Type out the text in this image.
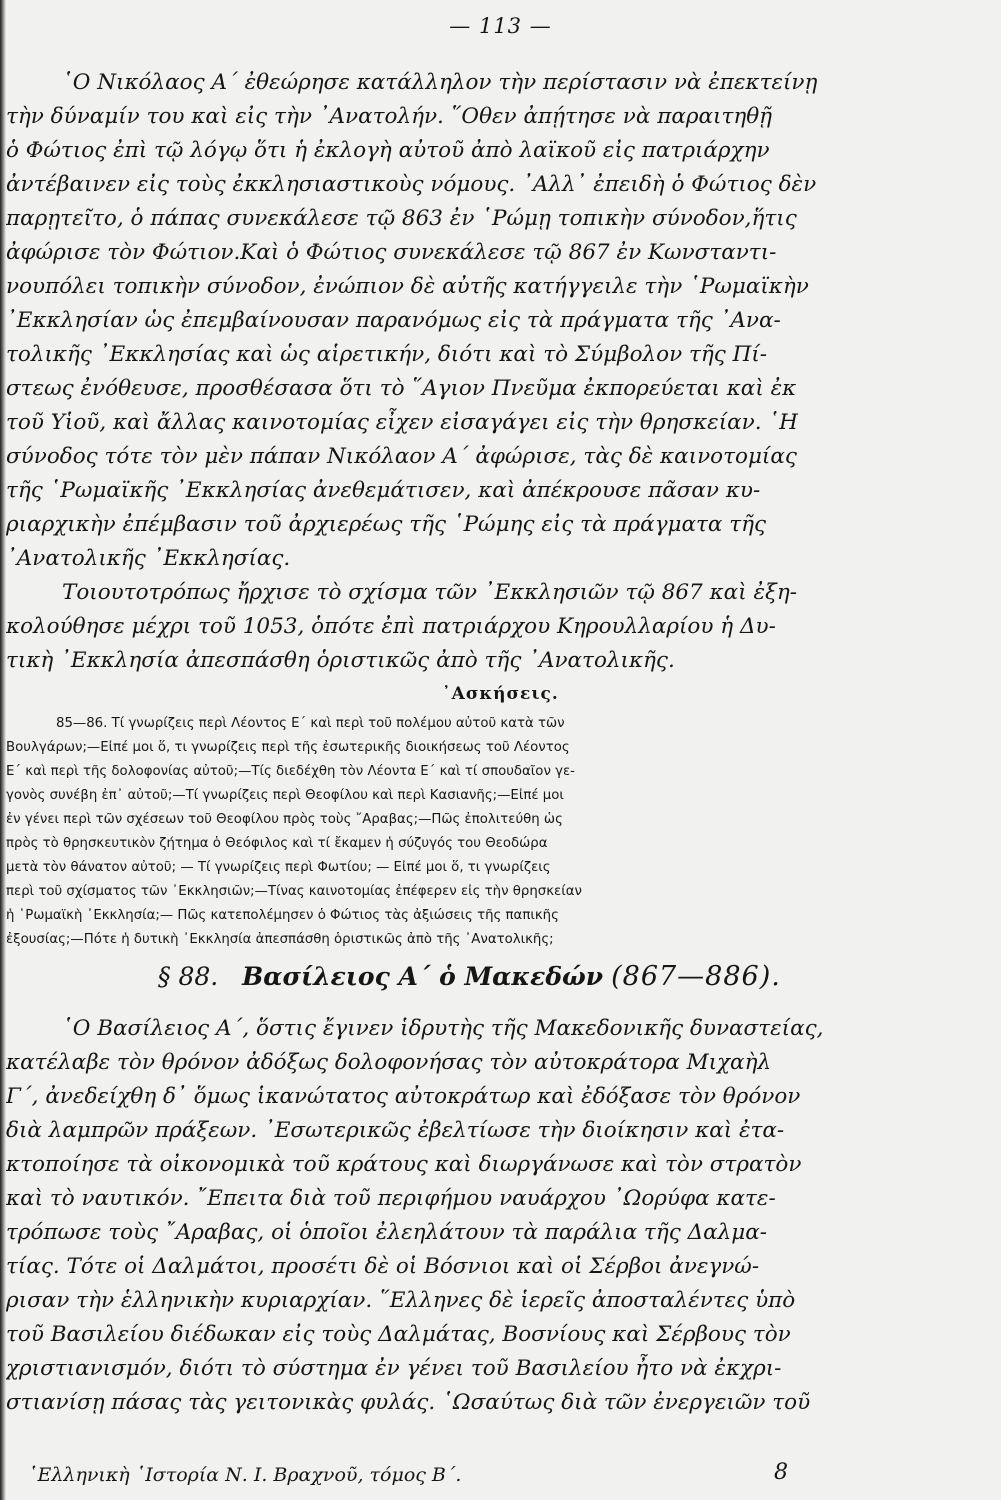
— 113 —
῾Ο Νικόλαος Α΄ ἐθεώρησε κατάλληλον τὴν περίστασιν νὰ ἐπεκτείνῃ
τὴν δύναμίν του καὶ εἰς τὴν ᾿Ανατολήν. ῞Οθεν ἀπῄτησε νὰ παραιτηθῇ
ὁ Φώτιος ἐπὶ τῷ λόγῳ ὅτι ἡ ἐκλογὴ αὐτοῦ ἀπὸ λαϊκοῦ εἰς πατριάρχην
ἀντέβαινεν εἰς τοὺς ἐκκλησιαστικοὺς νόμους. ᾿Αλλ᾿ ἐπειδὴ ὁ Φώτιος δὲν
παρῃτεῖτο, ὁ πάπας συνεκάλεσε τῷ 863 ἐν ῾Ρώμῃ τοπικὴν σύνοδον,ἥτις
ἀφώρισε τὸν Φώτιον.Καὶ ὁ Φώτιος συνεκάλεσε τῷ 867 ἐν Κωνσταντι-
νουπόλει τοπικὴν σύνοδον, ἐνώπιον δὲ αὐτῆς κατήγγειλε τὴν ῾Ρωμαϊκὴν
᾿Εκκλησίαν ὡς ἐπεμβαίνουσαν παρανόμως εἰς τὰ πράγματα τῆς ᾿Ανα-
τολικῆς ᾿Εκκλησίας καὶ ὡς αἱρετικήν, διότι καὶ τὸ Σύμβολον τῆς Πί-
στεως ἐνόθευσε, προσθέσασα ὅτι τὸ ῞Αγιον Πνεῦμα ἐκπορεύεται καὶ ἐκ
τοῦ Υἱοῦ, καὶ ἄλλας καινοτομίας εἶχεν εἰσαγάγει εἰς τὴν θρησκείαν. ῾Η
σύνοδος τότε τὸν μὲν πάπαν Νικόλαον Α΄ ἀφώρισε, τὰς δὲ καινοτομίας
τῆς ῾Ρωμαϊκῆς ᾿Εκκλησίας ἀνεθεμάτισεν, καὶ ἀπέκρουσε πᾶσαν κυ-
ριαρχικὴν ἐπέμβασιν τοῦ ἀρχιερέως τῆς ῾Ρώμης εἰς τὰ πράγματα τῆς
᾿Ανατολικῆς ᾿Εκκλησίας.
Τοιουτοτρόπως ἤρχισε τὸ σχίσμα τῶν ᾿Εκκλησιῶν τῷ 867 καὶ ἐξη-
κολούθησε μέχρι τοῦ 1053, ὁπότε ἐπὶ πατριάρχου Κηρουλλαρίου ἡ Δυ-
τικὴ ᾿Εκκλησία ἀπεσπάσθη ὁριστικῶς ἀπὸ τῆς ᾿Ανατολικῆς.
᾿Ασκήσεις.
85—86. Τί γνωρίζεις περὶ Λέοντος Ε΄ καὶ περὶ τοῦ πολέμου αὐτοῦ κατὰ τῶν
Βουλγάρων;—Εἰπέ μοι ὅ, τι γνωρίζεις περὶ τῆς ἐσωτερικῆς διοικήσεως τοῦ Λέοντος
Ε΄ καὶ περὶ τῆς δολοφονίας αὐτοῦ;—Τίς διεδέχθη τὸν Λέοντα Ε΄ καὶ τί σπουδαῖον γε-
γονὸς συνέβη ἐπ᾿ αὐτοῦ;—Τί γνωρίζεις περὶ Θεοφίλου καὶ περὶ Κασιανῆς;—Εἰπέ μοι
ἐν γένει περὶ τῶν σχέσεων τοῦ Θεοφίλου πρὸς τοὺς ῎Αραβας;—Πῶς ἐπολιτεύθη ὡς
πρὸς τὸ θρησκευτικὸν ζήτημα ὁ Θεόφιλος καὶ τί ἔκαμεν ἡ σύζυγός του Θεοδώρα
μετὰ τὸν θάνατον αὐτοῦ; — Τί γνωρίζεις περὶ Φωτίου; — Εἰπέ μοι ὅ, τι γνωρίζεις
περὶ τοῦ σχίσματος τῶν ᾿Εκκλησιῶν;—Τίνας καινοτομίας ἐπέφερεν εἰς τὴν θρησκείαν
ἡ ῾Ρωμαϊκὴ ᾿Εκκλησία;— Πῶς κατεπολέμησεν ὁ Φώτιος τὰς ἀξιώσεις τῆς παπικῆς
ἐξουσίας;—Πότε ἡ δυτικὴ ᾿Εκκλησία ἀπεσπάσθη ὁριστικῶς ἀπὸ τῆς ᾿Ανατολικῆς;
§ 88. Βασίλειος Α΄ ὁ Μακεδών (867—886).
῾Ο Βασίλειος Α΄, ὅστις ἔγινεν ἱδρυτὴς τῆς Μακεδονικῆς δυναστείας,
κατέλαβε τὸν θρόνον ἀδόξως δολοφονήσας τὸν αὐτοκράτορα Μιχαὴλ
Γ΄, ἀνεδείχθη δ᾿ ὅμως ἱκανώτατος αὐτοκράτωρ καὶ ἐδόξασε τὸν θρόνον
διὰ λαμπρῶν πράξεων. ᾿Εσωτερικῶς ἐβελτίωσε τὴν διοίκησιν καὶ ἐτα-
κτοποίησε τὰ οἰκονομικὰ τοῦ κράτους καὶ διωργάνωσε καὶ τὸν στρατὸν
καὶ τὸ ναυτικόν. ῎Επειτα διὰ τοῦ περιφήμου ναυάρχου ᾿Ωορύφα κατε-
τρόπωσε τοὺς ῎Αραβας, οἱ ὁποῖοι ἐλεηλάτουν τὰ παράλια τῆς Δαλμα-
τίας. Τότε οἱ Δαλμάτοι, προσέτι δὲ οἱ Βόσνιοι καὶ οἱ Σέρβοι ἀνεγνώ-
ρισαν τὴν ἑλληνικὴν κυριαρχίαν. ῞Ελληνες δὲ ἱερεῖς ἀποσταλέντες ὑπὸ
τοῦ Βασιλείου διέδωκαν εἰς τοὺς Δαλμάτας, Βοσνίους καὶ Σέρβους τὸν
χριστιανισμόν, διότι τὸ σύστημα ἐν γένει τοῦ Βασιλείου ἦτο νὰ ἐκχρι-
στιανίσῃ πάσας τὰς γειτονικὰς φυλάς. ῾Ωσαύτως διὰ τῶν ἐνεργειῶν τοῦ
῾Ελληνικὴ ῾Ιστορία Ν. Ι. Βραχνοῦ, τόμος Β΄.	8
